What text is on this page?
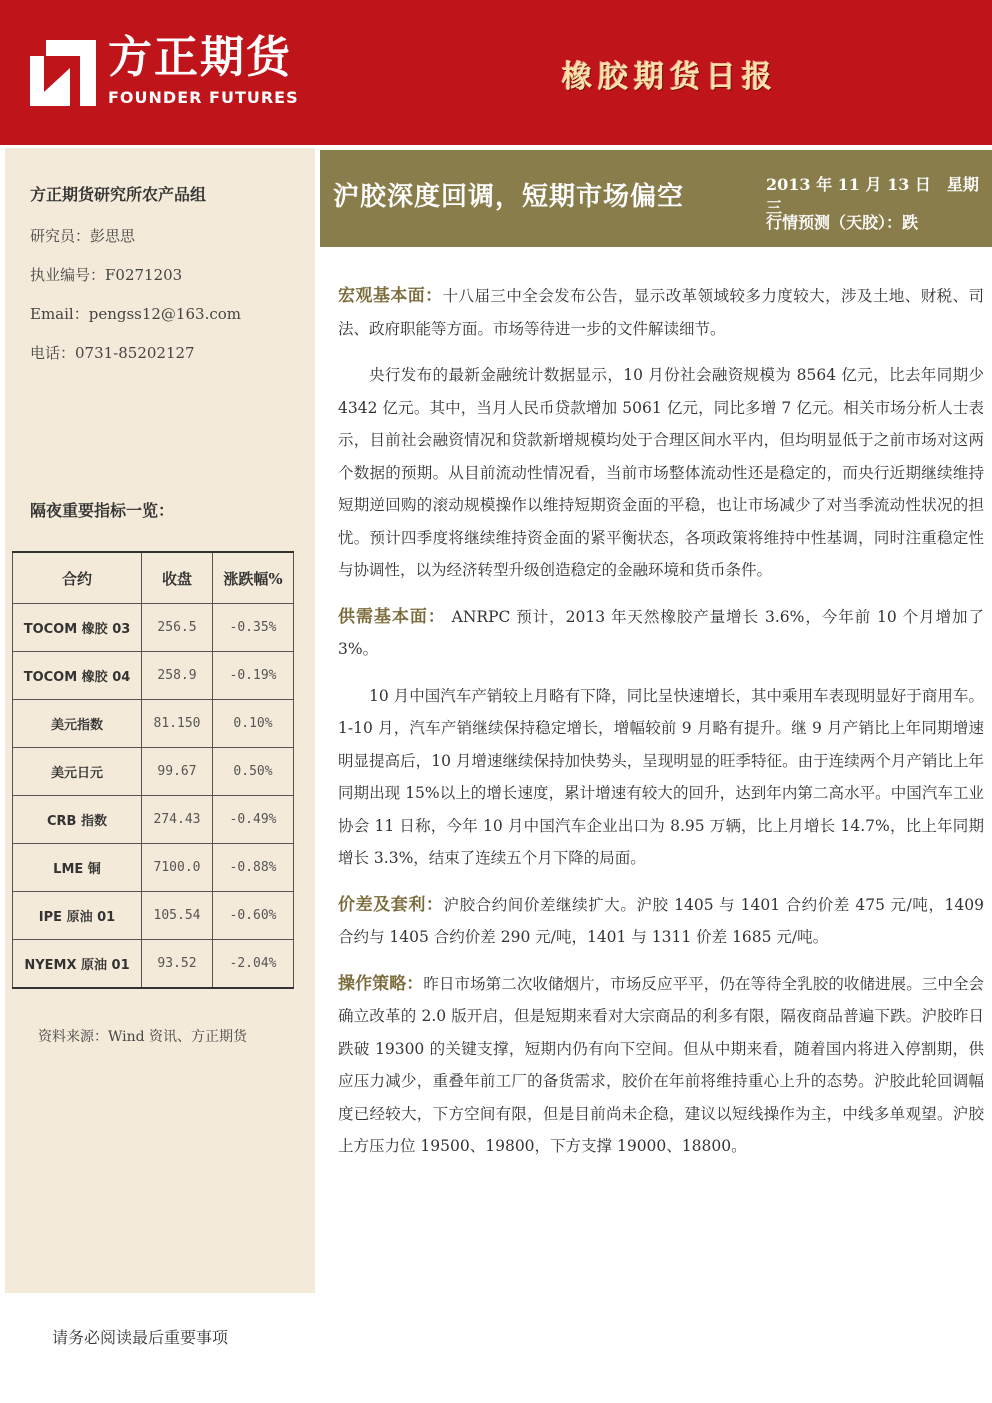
方正期货
FOUNDER FUTURES
橡胶期货日报
方正期货研究所农产品组
研究员：彭思思
执业编号：F0271203
Email：pengss12@163.com
电话：0731-85202127
隔夜重要指标一览：
合约	收盘	涨跌幅%
TOCOM 橡胶 03	256.5	-0.35%
TOCOM 橡胶 04	258.9	-0.19%
美元指数	81.150	0.10%
美元日元	99.67	0.50%
CRB 指数	274.43	-0.49%
LME 铜	7100.0	-0.88%
IPE 原油 01	105.54	-0.60%
NYEMX 原油 01	93.52	-2.04%
资料来源：Wind 资讯、方正期货
沪胶深度回调，短期市场偏空	2013 年 11 月 13 日　星期三
行情预测（天胶）：跌

宏观基本面：十八届三中全会发布公告，显示改革领域较多力度较大，涉及土地、财税、司法、政府职能等方面。市场等待进一步的文件解读细节。

央行发布的最新金融统计数据显示，10 月份社会融资规模为 8564 亿元，比去年同期少 4342 亿元。其中，当月人民币贷款增加 5061 亿元，同比多增 7 亿元。相关市场分析人士表示，目前社会融资情况和贷款新增规模均处于合理区间水平内，但均明显低于之前市场对这两个数据的预期。从目前流动性情况看，当前市场整体流动性还是稳定的，而央行近期继续维持短期逆回购的滚动规模操作以维持短期资金面的平稳，也让市场减少了对当季流动性状况的担忧。预计四季度将继续维持资金面的紧平衡状态，各项政策将维持中性基调，同时注重稳定性与协调性，以为经济转型升级创造稳定的金融环境和货币条件。

供需基本面： ANRPC 预计，2013 年天然橡胶产量增长 3.6%，今年前 10 个月增加了 3%。

10 月中国汽车产销较上月略有下降，同比呈快速增长，其中乘用车表现明显好于商用车。1-10 月，汽车产销继续保持稳定增长，增幅较前 9 月略有提升。继 9 月产销比上年同期增速明显提高后，10 月增速继续保持加快势头，呈现明显的旺季特征。由于连续两个月产销比上年同期出现 15%以上的增长速度，累计增速有较大的回升，达到年内第二高水平。中国汽车工业协会 11 日称，今年 10 月中国汽车企业出口为 8.95 万辆，比上月增长 14.7%，比上年同期增长 3.3%，结束了连续五个月下降的局面。

价差及套利：沪胶合约间价差继续扩大。沪胶 1405 与 1401 合约价差 475 元/吨，1409 合约与 1405 合约价差 290 元/吨，1401 与 1311 价差 1685 元/吨。

操作策略：昨日市场第二次收储烟片，市场反应平平，仍在等待全乳胶的收储进展。三中全会确立改革的 2.0 版开启，但是短期来看对大宗商品的利多有限，隔夜商品普遍下跌。沪胶昨日跌破 19300 的关键支撑，短期内仍有向下空间。但从中期来看，随着国内将进入停割期，供应压力减少，重叠年前工厂的备货需求，胶价在年前将维持重心上升的态势。沪胶此轮回调幅度已经较大，下方空间有限，但是目前尚未企稳，建议以短线操作为主，中线多单观望。沪胶上方压力位 19500、19800，下方支撑 19000、18800。

请务必阅读最后重要事项
